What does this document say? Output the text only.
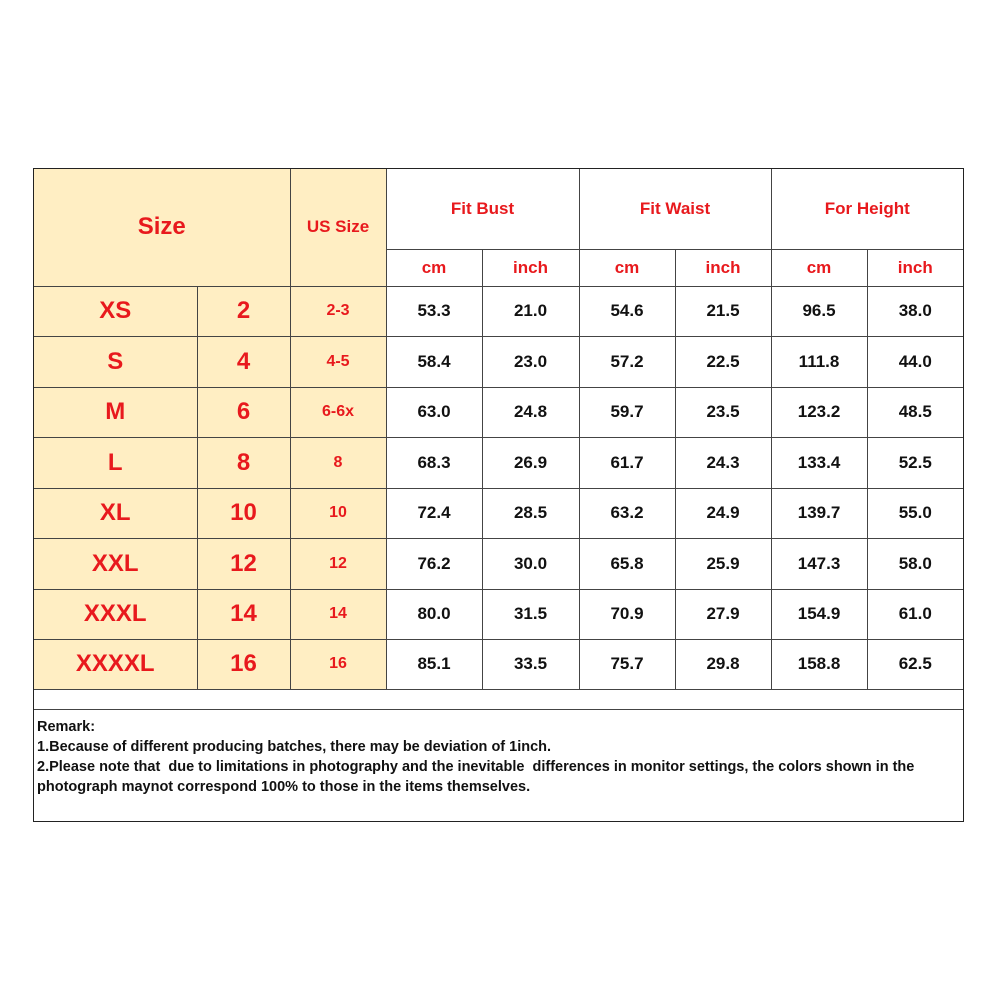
Size		US Size	Fit Bust		Fit Waist		For Height	
			cm	inch	cm	inch	cm	inch
XS	2	2-3	53.3	21.0	54.6	21.5	96.5	38.0
S	4	4-5	58.4	23.0	57.2	22.5	111.8	44.0
M	6	6-6x	63.0	24.8	59.7	23.5	123.2	48.5
L	8	8	68.3	26.9	61.7	24.3	133.4	52.5
XL	10	10	72.4	28.5	63.2	24.9	139.7	55.0
XXL	12	12	76.2	30.0	65.8	25.9	147.3	58.0
XXXL	14	14	80.0	31.5	70.9	27.9	154.9	61.0
XXXXL	16	16	85.1	33.5	75.7	29.8	158.8	62.5

Remark:
1.Because of different producing batches, there may be deviation of 1inch.
2.Please note that  due to limitations in photography and the inevitable  differences in monitor settings, the colors shown in the photograph maynot correspond 100% to those in the items themselves.
